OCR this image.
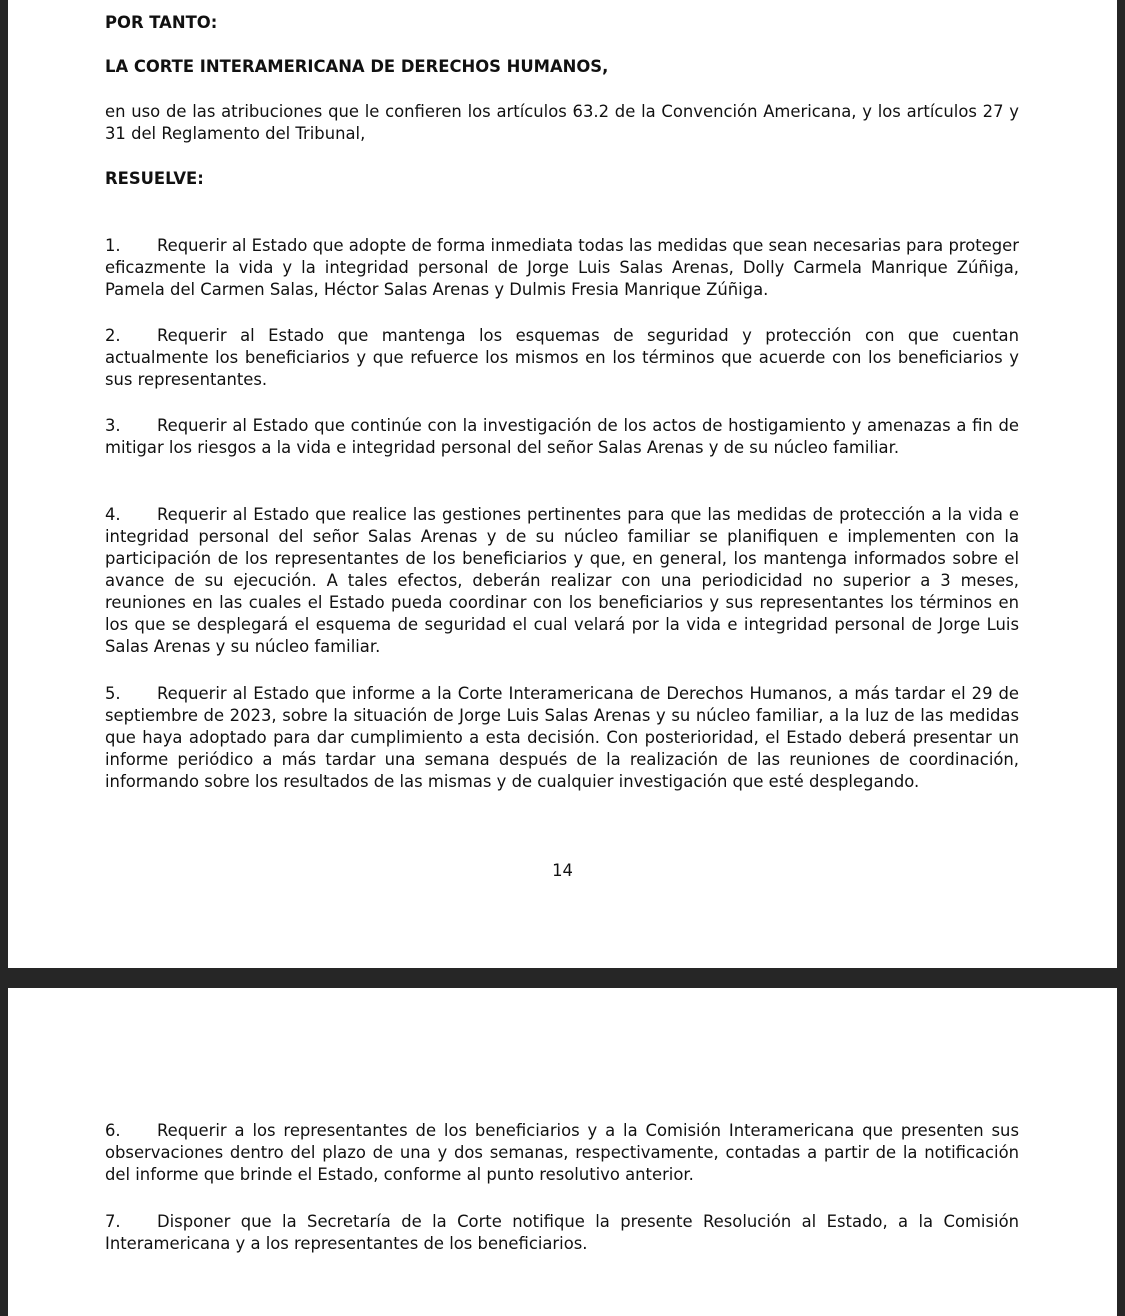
POR TANTO:

LA CORTE INTERAMERICANA DE DERECHOS HUMANOS,

en uso de las atribuciones que le confieren los artículos 63.2 de la Convención Americana, y los artículos 27 y 31 del Reglamento del Tribunal,

RESUELVE:

1. Requerir al Estado que adopte de forma inmediata todas las medidas que sean necesarias para proteger eficazmente la vida y la integridad personal de Jorge Luis Salas Arenas, Dolly Carmela Manrique Zúñiga, Pamela del Carmen Salas, Héctor Salas Arenas y Dulmis Fresia Manrique Zúñiga.

2. Requerir al Estado que mantenga los esquemas de seguridad y protección con que cuentan actualmente los beneficiarios y que refuerce los mismos en los términos que acuerde con los beneficiarios y sus representantes.

3. Requerir al Estado que continúe con la investigación de los actos de hostigamiento y amenazas a fin de mitigar los riesgos a la vida e integridad personal del señor Salas Arenas y de su núcleo familiar.

4. Requerir al Estado que realice las gestiones pertinentes para que las medidas de protección a la vida e integridad personal del señor Salas Arenas y de su núcleo familiar se planifiquen e implementen con la participación de los representantes de los beneficiarios y que, en general, los mantenga informados sobre el avance de su ejecución. A tales efectos, deberán realizar con una periodicidad no superior a 3 meses, reuniones en las cuales el Estado pueda coordinar con los beneficiarios y sus representantes los términos en los que se desplegará el esquema de seguridad el cual velará por la vida e integridad personal de Jorge Luis Salas Arenas y su núcleo familiar.

5. Requerir al Estado que informe a la Corte Interamericana de Derechos Humanos, a más tardar el 29 de septiembre de 2023, sobre la situación de Jorge Luis Salas Arenas y su núcleo familiar, a la luz de las medidas que haya adoptado para dar cumplimiento a esta decisión. Con posterioridad, el Estado deberá presentar un informe periódico a más tardar una semana después de la realización de las reuniones de coordinación, informando sobre los resultados de las mismas y de cualquier investigación que esté desplegando.

14

6. Requerir a los representantes de los beneficiarios y a la Comisión Interamericana que presenten sus observaciones dentro del plazo de una y dos semanas, respectivamente, contadas a partir de la notificación del informe que brinde el Estado, conforme al punto resolutivo anterior.

7. Disponer que la Secretaría de la Corte notifique la presente Resolución al Estado, a la Comisión Interamericana y a los representantes de los beneficiarios.
